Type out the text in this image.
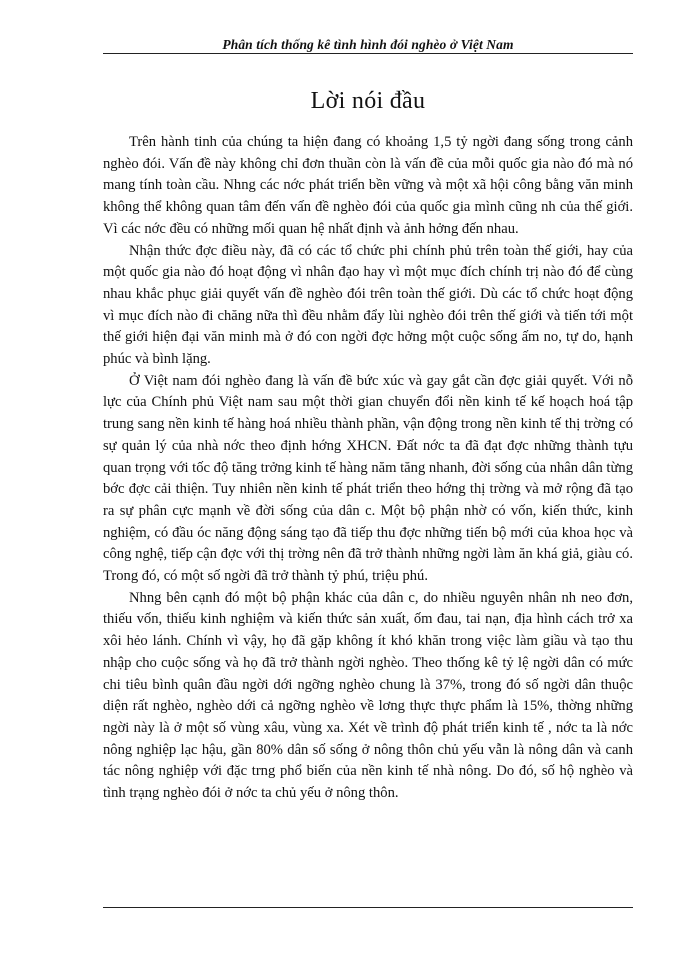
Phân tích thống kê tình hình đói nghèo ở Việt Nam
Lời nói đầu

Trên hành tinh của chúng ta hiện đang có khoảng 1,5 tỷ ngời đang sống trong cảnh nghèo đói. Vấn đề này không chỉ đơn thuần còn là vấn đề của mỗi quốc gia nào đó mà nó mang tính toàn cầu. Nhng các nớc phát triển bền vững và một xã hội công bằng văn minh không thể không quan tâm đến vấn đề nghèo đói của quốc gia mình cũng nh của thế giới. Vì các nớc đều có những mối quan hệ nhất định và ảnh hởng đến nhau.

Nhận thức đợc điều này, đã có các tổ chức phi chính phủ trên toàn thế giới, hay của một quốc gia nào đó hoạt động vì nhân đạo hay vì một mục đích chính trị nào đó để cùng nhau khắc phục giải quyết vấn đề nghèo đói trên toàn thế giới. Dù các tổ chức hoạt động vì mục đích nào đi chăng nữa thì đều nhằm đẩy lùi nghèo đói trên thế giới và tiến tới một thế giới hiện đại văn minh mà ở đó con ngời đợc hởng một cuộc sống ấm no, tự do, hạnh phúc và bình lặng.

Ở Việt nam đói nghèo đang là vấn đề bức xúc và gay gắt cần đợc giải quyết. Với nỗ lực của Chính phủ Việt nam sau một thời gian chuyển đổi nền kinh tế kế hoạch hoá tập trung sang nền kinh tế hàng hoá nhiều thành phần, vận động trong nền kinh tế thị trờng có sự quản lý của nhà nớc theo định hớng XHCN. Đất nớc ta đã đạt đợc những thành tựu quan trọng với tốc độ tăng trởng kinh tế hàng năm tăng nhanh, đời sống của nhân dân từng bớc đợc cải thiện. Tuy nhiên nền kinh tế phát triển theo hớng thị trờng và mở rộng đã tạo ra sự phân cực mạnh về đời sống của dân c. Một bộ phận nhờ có vốn, kiến thức, kinh nghiệm, có đầu óc năng động sáng tạo đã tiếp thu đợc những tiến bộ mới của khoa học và công nghệ, tiếp cận đợc với thị trờng nên đã trở thành những ngời làm ăn khá giả, giàu có. Trong đó, có một số ngời đã trở thành tỷ phú, triệu phú.

Nhng bên cạnh đó một bộ phận khác của dân c, do nhiều nguyên nhân nh neo đơn, thiếu vốn, thiếu kinh nghiệm và kiến thức sản xuất, ốm đau, tai nạn, địa hình cách trở xa xôi hẻo lánh. Chính vì vậy, họ đã gặp không ít khó khăn trong việc làm giầu và tạo thu nhập cho cuộc sống và họ đã trở thành ngời nghèo. Theo thống kê tỷ lệ ngời dân có mức chi tiêu bình quân đầu ngời dới ngỡng nghèo chung là 37%, trong đó số ngời dân thuộc diện rất nghèo, nghèo dới cả ngỡng nghèo về lơng thực thực phẩm là 15%, thờng những ngời này là ở một số vùng xâu, vùng xa. Xét về trình độ phát triển kinh tế , nớc ta là nớc nông nghiệp lạc hậu, gần 80% dân số sống ở nông thôn chủ yếu vẫn là nông dân và canh tác nông nghiệp với đặc trng phổ biến của nền kinh tế nhà nông. Do đó, số hộ nghèo và tình trạng nghèo đói ở nớc ta chủ yếu ở nông thôn.
